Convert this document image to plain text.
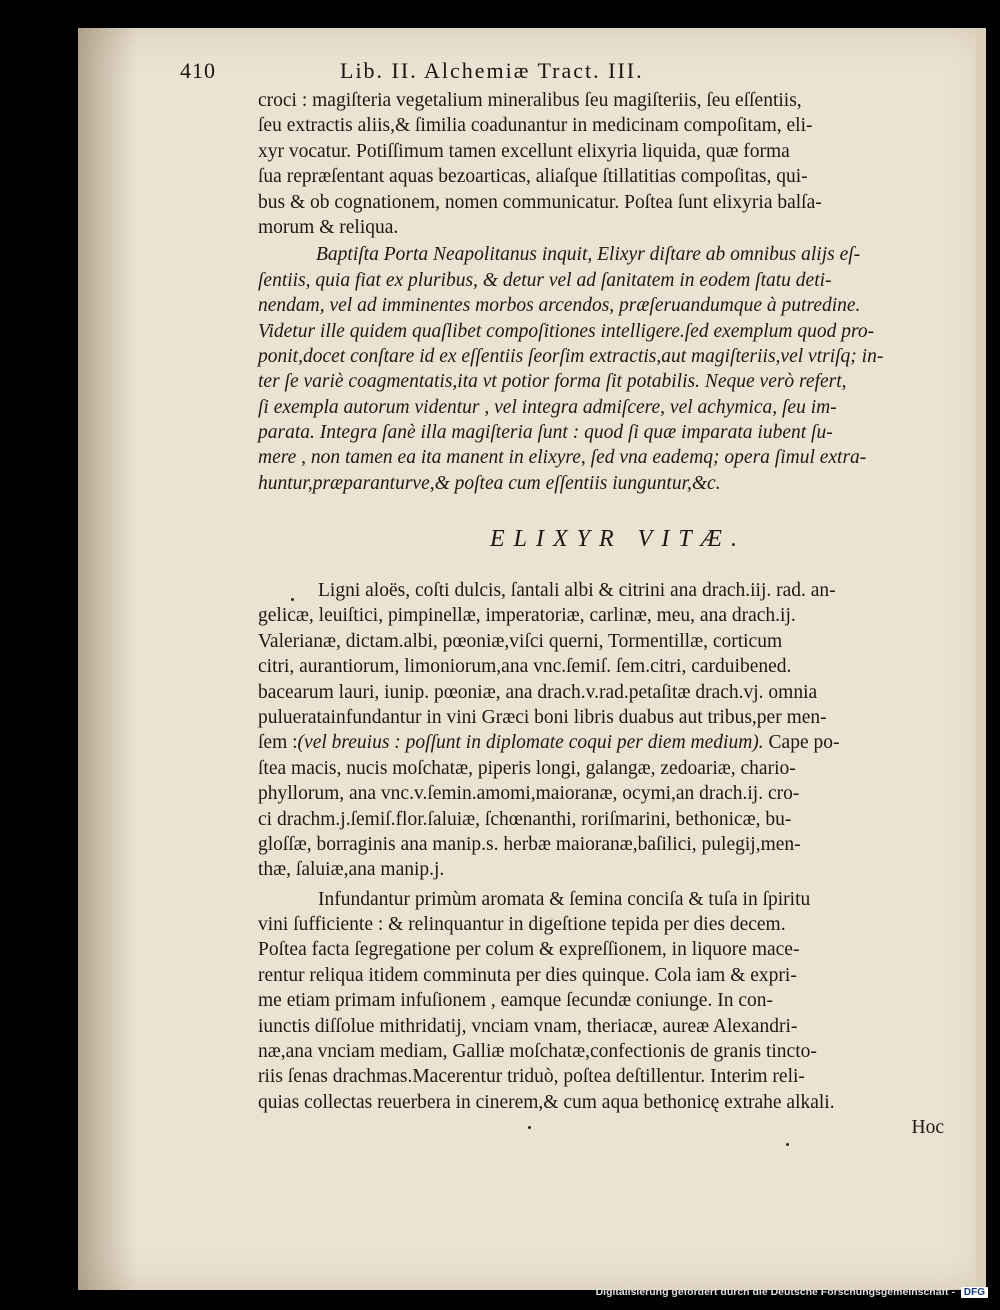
410	Lib. II. Alchemiæ Tract. III.
croci : magiſteria vegetalium mineralibus ſeu magiſteriis, ſeu eſſentiis,
ſeu extractis aliis,& ſimilia coadunantur in medicinam compoſitam, eli-
xyr vocatur. Potiſſimum tamen excellunt elixyria liquida, quæ forma
ſua repræſentant aquas bezoarticas, aliaſque ſtillatitias compoſitas, qui-
bus & ob cognationem, nomen communicatur. Poſtea ſunt elixyria balſa-
morum & reliqua.
Baptiſta Porta Neapolitanus inquit, Elixyr diſtare ab omnibus alijs eſ-
ſentiis, quia fiat ex pluribus, & detur vel ad ſanitatem in eodem ſtatu deti-
nendam, vel ad imminentes morbos arcendos, præſeruandumque à putredine.
Videtur ille quidem quaſlibet compoſitiones intelligere.ſed exemplum quod pro-
ponit,docet conſtare id ex eſſentiis ſeorſim extractis,aut magiſteriis,vel vtriſq; in-
ter ſe variè coagmentatis,ita vt potior forma ſit potabilis. Neque verò refert,
ſi exempla autorum videntur , vel integra admiſcere, vel achymica, ſeu im-
parata. Integra ſanè illa magiſteria ſunt : quod ſi quæ imparata iubent ſu-
mere , non tamen ea ita manent in elixyre, ſed vna eademq; opera ſimul extra-
huntur,præparanturve,& poſtea cum eſſentiis iunguntur,&c.
ELIXYR VITÆ.
Ligni aloës, coſti dulcis, ſantali albi & citrini ana drach.iij. rad. an-
gelicæ, leuiſtici, pimpinellæ, imperatoriæ, carlinæ, meu, ana drach.ij.
Valerianæ, dictam.albi, pœoniæ,viſci querni, Tormentillæ, corticum
citri, aurantiorum, limoniorum,ana vnc.ſemiſ. ſem.citri, carduibened.
bacearum lauri, iunip. pœoniæ, ana drach.v.rad.petaſitæ drach.vj. omnia
pulueratainfundantur in vini Græci boni libris duabus aut tribus,per men-
ſem :(vel breuius : poſſunt in diplomate coqui per diem medium). Cape po-
ſtea macis, nucis moſchatæ, piperis longi, galangæ, zedoariæ, chario-
phyllorum, ana vnc.v.ſemin.amomi,maioranæ, ocymi,an drach.ij. cro-
ci drachm.j.ſemiſ.flor.ſaluiæ, ſchœnanthi, roriſmarini, bethonicæ, bu-
gloſſæ, borraginis ana manip.s. herbæ maioranæ,baſilici, pulegij,men-
thæ, ſaluiæ,ana manip.j.
Infundantur primùm aromata & ſemina conciſa & tuſa in ſpiritu
vini ſufficiente : & relinquantur in digeſtione tepida per dies decem.
Poſtea facta ſegregatione per colum & expreſſionem, in liquore mace-
rentur reliqua itidem comminuta per dies quinque. Cola iam & expri-
me etiam primam infuſionem , eamque ſecundæ coniunge. In con-
iunctis diſſolue mithridatij, vnciam vnam, theriacæ, aureæ Alexandri-
næ,ana vnciam mediam, Galliæ moſchatæ,confectionis de granis tincto-
riis ſenas drachmas.Macerentur triduò, poſtea deſtillentur. Interim reli-
quias collectas reuerbera in cinerem,& cum aqua bethonicę extrahe alkali.
Hoc
Digitalisierung gefördert durch die Deutsche Forschungsgemeinschaft - DFG
